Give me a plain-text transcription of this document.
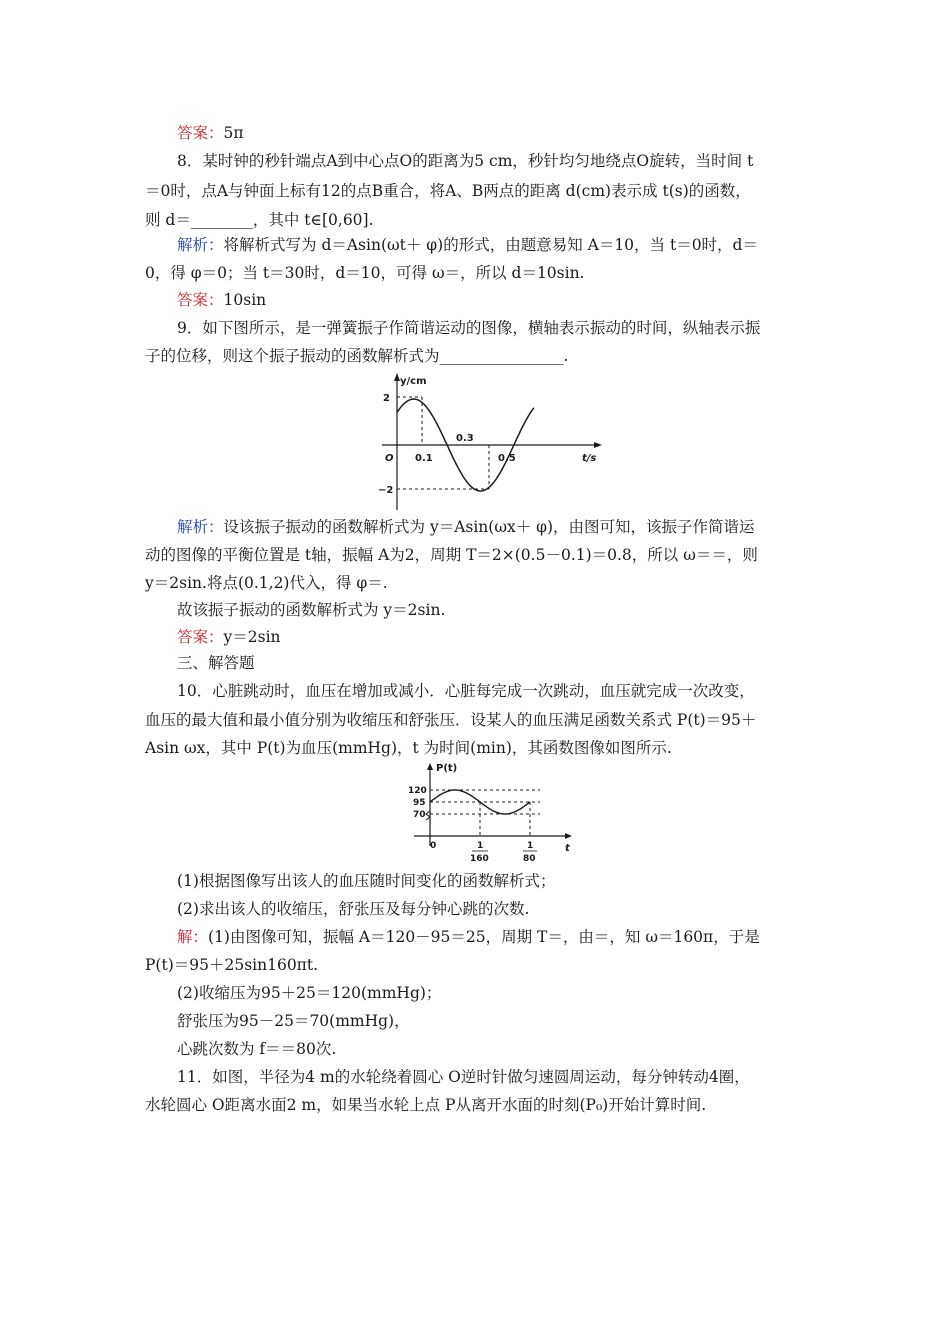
答案：5π
8．某时钟的秒针端点A到中心点O的距离为5 cm，秒针均匀地绕点O旋转，当时间 t
＝0时，点A与钟面上标有12的点B重合，将A、B两点的距离 d(cm)表示成 t(s)的函数，
则 d＝________，其中 t∈[0,60].
解析：将解析式写为 d＝Asin(ωt＋ φ)的形式，由题意易知 A＝10，当 t＝0时，d＝
0，得 φ＝0；当 t＝30时，d＝10，可得 ω＝，所以 d＝10sin.
答案：10sin
9．如下图所示，是一弹簧振子作简谐运动的图像，横轴表示振动的时间，纵轴表示振
子的位移，则这个振子振动的函数解析式为________________.
y/cm
2
−2
O 0.1
0.3
0.5	t/s
解析：设该振子振动的函数解析式为 y＝Asin(ωx＋ φ)，由图可知，该振子作简谐运
动的图像的平衡位置是 t轴，振幅 A为2，周期 T＝2×(0.5－0.1)＝0.8，所以 ω＝＝，则
y＝2sin.将点(0.1,2)代入，得 φ＝.
故该振子振动的函数解析式为 y＝2sin.
答案：y＝2sin
三、解答题
10．心脏跳动时，血压在增加或减小．心脏每完成一次跳动，血压就完成一次改变，
血压的最大值和最小值分别为收缩压和舒张压．设某人的血压满足函数关系式 P(t)＝95＋
Asin ωx，其中 P(t)为血压(mmHg)，t 为时间(min)，其函数图像如图所示.
P(t)
120
95
70
0	1
160
1
80
t
(1)根据图像写出该人的血压随时间变化的函数解析式；
(2)求出该人的收缩压，舒张压及每分钟心跳的次数.
解：(1)由图像可知，振幅 A＝120－95＝25，周期 T＝，由＝，知 ω＝160π，于是
P(t)＝95＋25sin160πt.
(2)收缩压为95＋25＝120(mmHg)；
舒张压为95－25＝70(mmHg)，
心跳次数为 f＝＝80次.
11．如图，半径为4 m的水轮绕着圆心 O逆时针做匀速圆周运动，每分钟转动4圈，
水轮圆心 O距离水面2 m，如果当水轮上点 P从离开水面的时刻(P₀)开始计算时间.
